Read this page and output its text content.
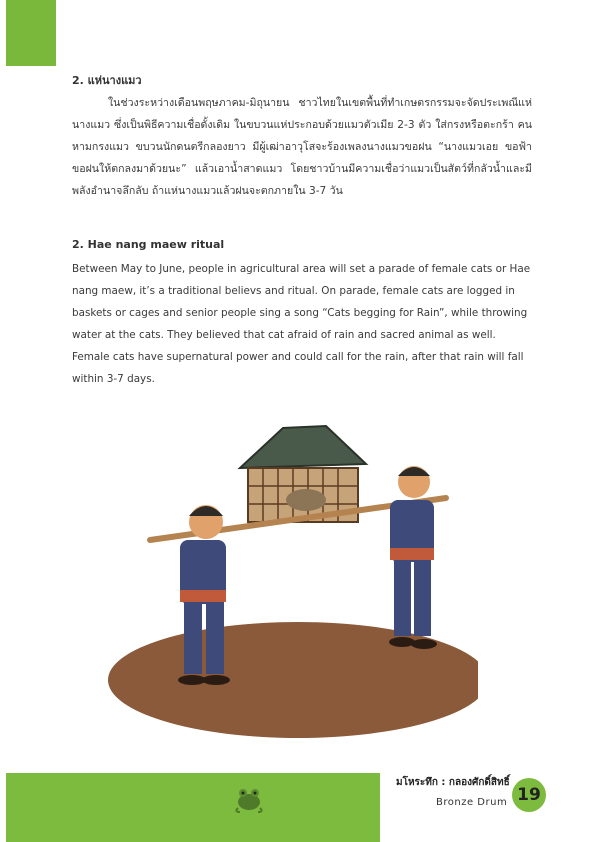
2. แห่นางแมว

ในช่วงระหว่างเดือนพฤษภาคม-มิถุนายน ชาวไทยในเขตพื้นที่ทำเกษตรกรรมจะจัดประเพณีแห่นางแมว ซึ่งเป็นพิธีความเชื่อดั้งเดิม ในขบวนแห่ประกอบด้วยแมวตัวเมีย 2-3 ตัว ใส่กรงหรือตะกร้า คนหามกรงแมว ขบวนนักดนตรีกลองยาว มีผู้เฒ่าอาวุโสจะร้องเพลงนางแมวขอฝน “นางแมวเอย ขอฟ้าขอฝนให้ตกลงมาด้วยนะ” แล้วเอาน้ำสาดแมว โดยชาวบ้านมีความเชื่อว่าแมวเป็นสัตว์ที่กลัวน้ำและมีพลังอำนาจลึกลับ ถ้าแห่นางแมวแล้วฝนจะตกภายใน 3-7 วัน

2. Hae nang maew ritual

Between May to June, people in agricultural area will set a parade of female cats or Hae nang maew, it’s a traditional believs and ritual. On parade, female cats are logged in baskets or cages and senior people sing a song “Cats begging for Rain”, while throwing water at the cats. They believed that cat afraid of rain and sacred animal as well. Female cats have supernatural power and could call for the rain, after that rain will fall within 3-7 days.

มโหระทึก : กลองศักดิ์สิทธิ์
Bronze Drum 19
